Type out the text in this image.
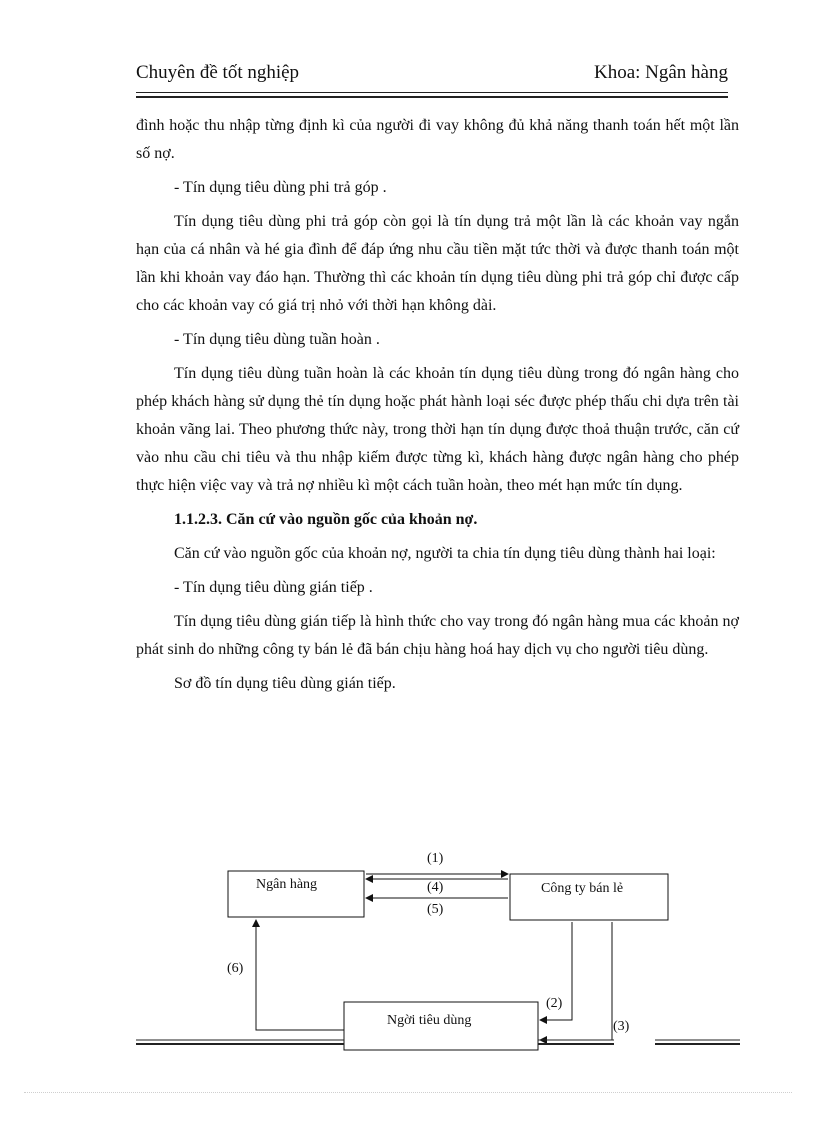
Chuyên đề tốt nghiệp	Khoa: Ngân hàng

đình hoặc thu nhập từng định kì của người đi vay không đủ khả năng thanh toán hết một lần số nợ.

- Tín dụng tiêu dùng phi trả góp .

Tín dụng tiêu dùng phi trả góp còn gọi là tín dụng trả một lần là các khoản vay ngắn hạn của cá nhân và hé gia đình để đáp ứng nhu cầu tiền mặt tức thời và được thanh toán một lần khi khoản vay đáo hạn. Thường thì các khoản tín dụng tiêu dùng phi trả góp chỉ được cấp cho các khoản vay có giá trị nhỏ với thời hạn không dài.

- Tín dụng tiêu dùng tuần hoàn .

Tín dụng tiêu dùng tuần hoàn là các khoản tín dụng tiêu dùng trong đó ngân hàng cho phép khách hàng sử dụng thẻ tín dụng hoặc phát hành loại séc được phép thấu chi dựa trên tài khoản vãng lai. Theo phương thức này, trong thời hạn tín dụng được thoả thuận trước, căn cứ vào nhu cầu chi tiêu và thu nhập kiếm được từng kì, khách hàng được ngân hàng cho phép thực hiện việc vay và trả nợ nhiều kì một cách tuần hoàn, theo mét hạn mức tín dụng.

1.1.2.3. Căn cứ vào nguồn gốc của khoản nợ.

Căn cứ vào nguồn gốc của khoản nợ, người ta chia tín dụng tiêu dùng thành hai loại:

- Tín dụng tiêu dùng gián tiếp .

Tín dụng tiêu dùng gián tiếp là hình thức cho vay trong đó ngân hàng mua các khoản nợ phát sinh do những công ty bán lẻ đã bán chịu hàng hoá hay dịch vụ cho người tiêu dùng.

Sơ đồ tín dụng tiêu dùng gián tiếp.

Ngân hàng	Công ty bán lẻ
Ngời tiêu dùng
(1)
(4)
(5)
(6)
(2)
(3)
